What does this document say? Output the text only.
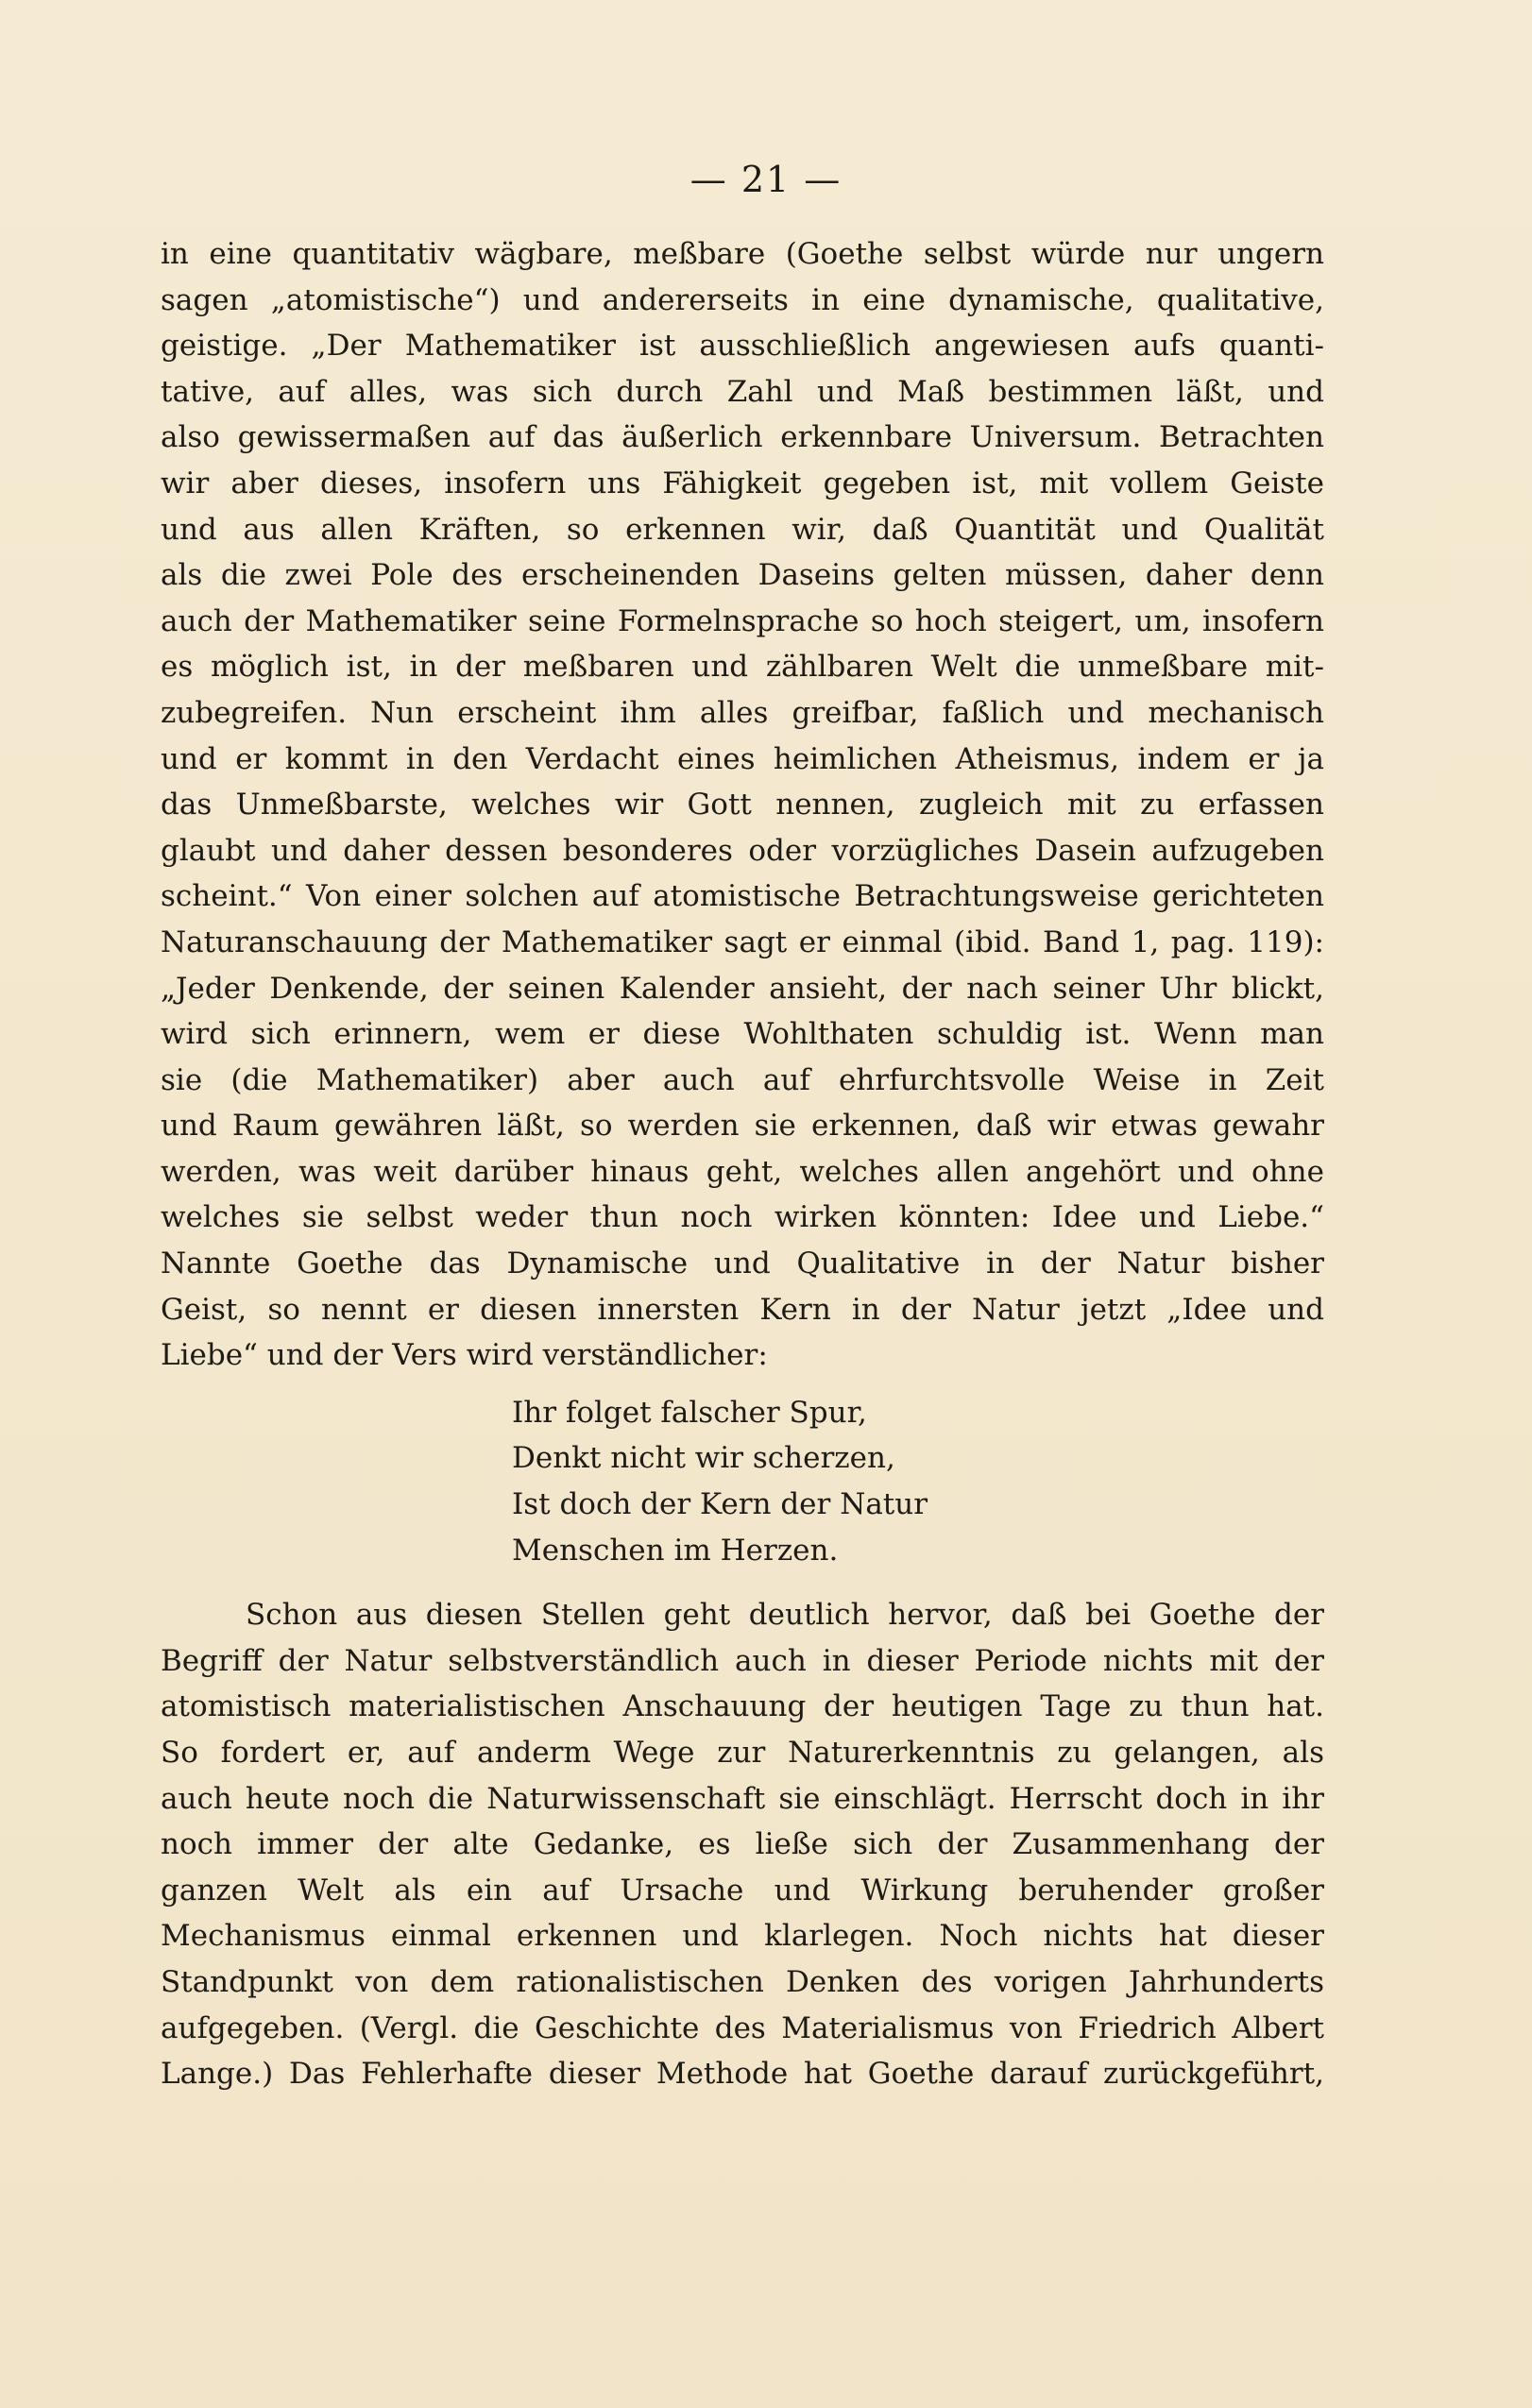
— 21 —
in eine quantitativ wägbare, meßbare (Goethe selbst würde nur ungern
sagen „atomistische“) und andererseits in eine dynamische, qualitative,
geistige. „Der Mathematiker ist ausschließlich angewiesen aufs quanti-
tative, auf alles, was sich durch Zahl und Maß bestimmen läßt, und
also gewissermaßen auf das äußerlich erkennbare Universum. Betrachten
wir aber dieses, insofern uns Fähigkeit gegeben ist, mit vollem Geiste
und aus allen Kräften, so erkennen wir, daß Quantität und Qualität
als die zwei Pole des erscheinenden Daseins gelten müssen, daher denn
auch der Mathematiker seine Formelnsprache so hoch steigert, um, insofern
es möglich ist, in der meßbaren und zählbaren Welt die unmeßbare mit-
zubegreifen. Nun erscheint ihm alles greifbar, faßlich und mechanisch
und er kommt in den Verdacht eines heimlichen Atheismus, indem er ja
das Unmeßbarste, welches wir Gott nennen, zugleich mit zu erfassen
glaubt und daher dessen besonderes oder vorzügliches Dasein aufzugeben
scheint.“ Von einer solchen auf atomistische Betrachtungsweise gerichteten
Naturanschauung der Mathematiker sagt er einmal (ibid. Band 1, pag. 119):
„Jeder Denkende, der seinen Kalender ansieht, der nach seiner Uhr blickt,
wird sich erinnern, wem er diese Wohlthaten schuldig ist. Wenn man
sie (die Mathematiker) aber auch auf ehrfurchtsvolle Weise in Zeit
und Raum gewähren läßt, so werden sie erkennen, daß wir etwas gewahr
werden, was weit darüber hinaus geht, welches allen angehört und ohne
welches sie selbst weder thun noch wirken könnten: Idee und Liebe.“
Nannte Goethe das Dynamische und Qualitative in der Natur bisher
Geist, so nennt er diesen innersten Kern in der Natur jetzt „Idee und
Liebe“ und der Vers wird verständlicher:
Ihr folget falscher Spur,
Denkt nicht wir scherzen,
Ist doch der Kern der Natur
Menschen im Herzen.
Schon aus diesen Stellen geht deutlich hervor, daß bei Goethe der
Begriff der Natur selbstverständlich auch in dieser Periode nichts mit der
atomistisch materialistischen Anschauung der heutigen Tage zu thun hat.
So fordert er, auf anderm Wege zur Naturerkenntnis zu gelangen, als
auch heute noch die Naturwissenschaft sie einschlägt. Herrscht doch in ihr
noch immer der alte Gedanke, es ließe sich der Zusammenhang der
ganzen Welt als ein auf Ursache und Wirkung beruhender großer
Mechanismus einmal erkennen und klarlegen. Noch nichts hat dieser
Standpunkt von dem rationalistischen Denken des vorigen Jahrhunderts
aufgegeben. (Vergl. die Geschichte des Materialismus von Friedrich Albert
Lange.) Das Fehlerhafte dieser Methode hat Goethe darauf zurückgeführt,
